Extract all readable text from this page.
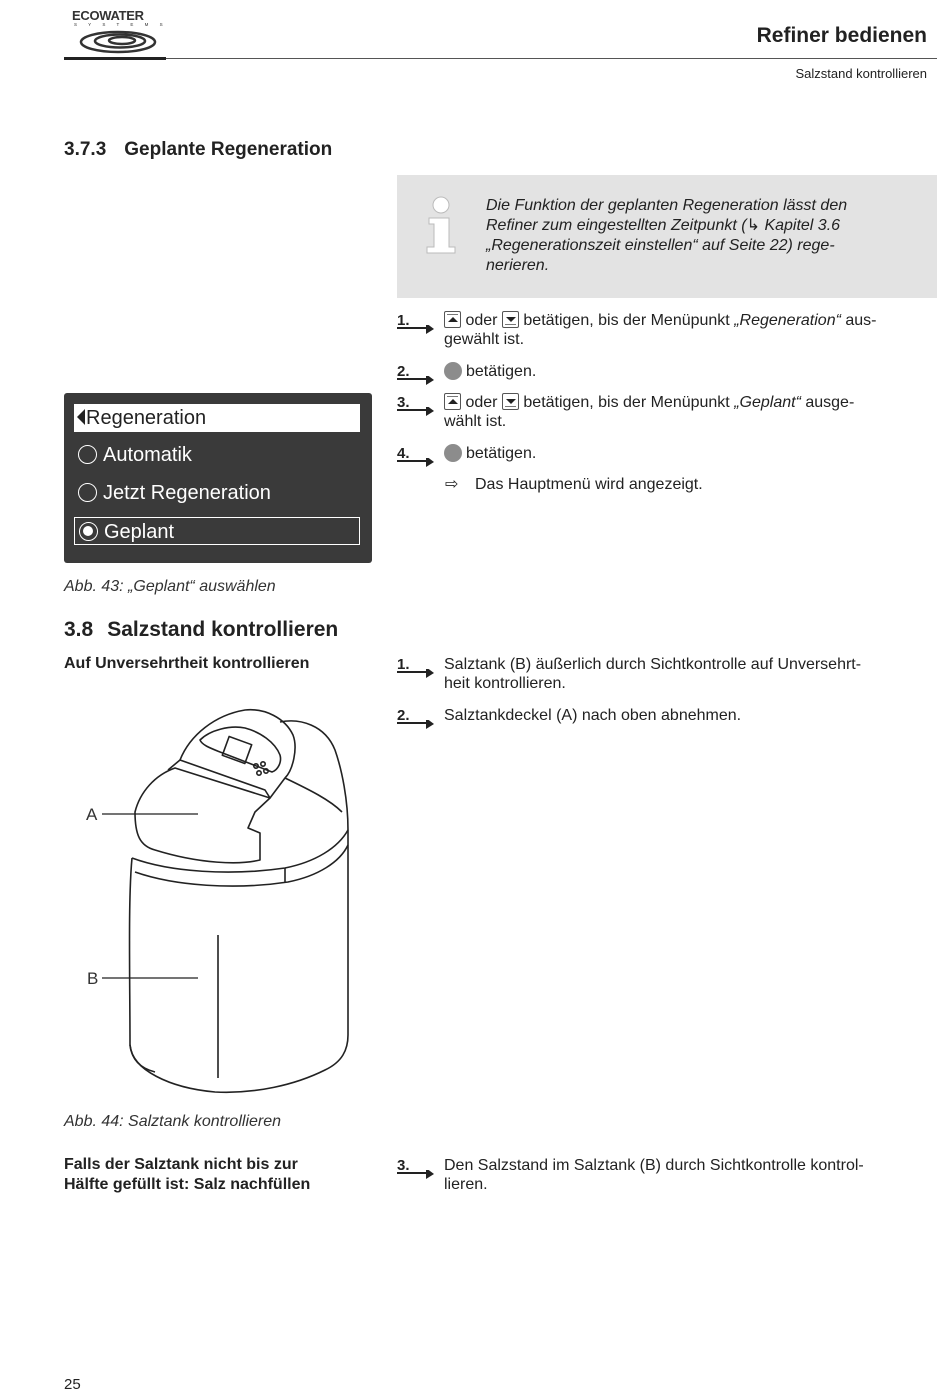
ECOWATER
S Y S T E M S	Refiner bedienen
Salzstand kontrollieren
3.7.3 Geplante Regeneration
Die Funktion der geplanten Regeneration lässt den
Refiner zum eingestellten Zeitpunkt (↳ Kapitel 3.6
„Regenerationszeit einstellen“ auf Seite 22) rege-
nerieren.
1.	oder betätigen, bis der Menüpunkt „Regeneration“ aus-
gewählt ist.
2.	betätigen.
3.	oder betätigen, bis der Menüpunkt „Geplant“ ausge-
wählt ist.
4.	betätigen.
⇨ Das Hauptmenü wird angezeigt.
Regeneration
Automatik
Jetzt Regeneration
Geplant
Abb. 43: „Geplant“ auswählen
3.8 Salzstand kontrollieren
Auf Unversehrtheit kontrollieren	1.	Salztank (B) äußerlich durch Sichtkontrolle auf Unversehrt-
heit kontrollieren.
2.	Salztankdeckel (A) nach oben abnehmen.
A
B
Abb. 44: Salztank kontrollieren
Falls der Salztank nicht bis zur
Hälfte gefüllt ist: Salz nachfüllen
3.	Den Salzstand im Salztank (B) durch Sichtkontrolle kontrol-
lieren.
25
